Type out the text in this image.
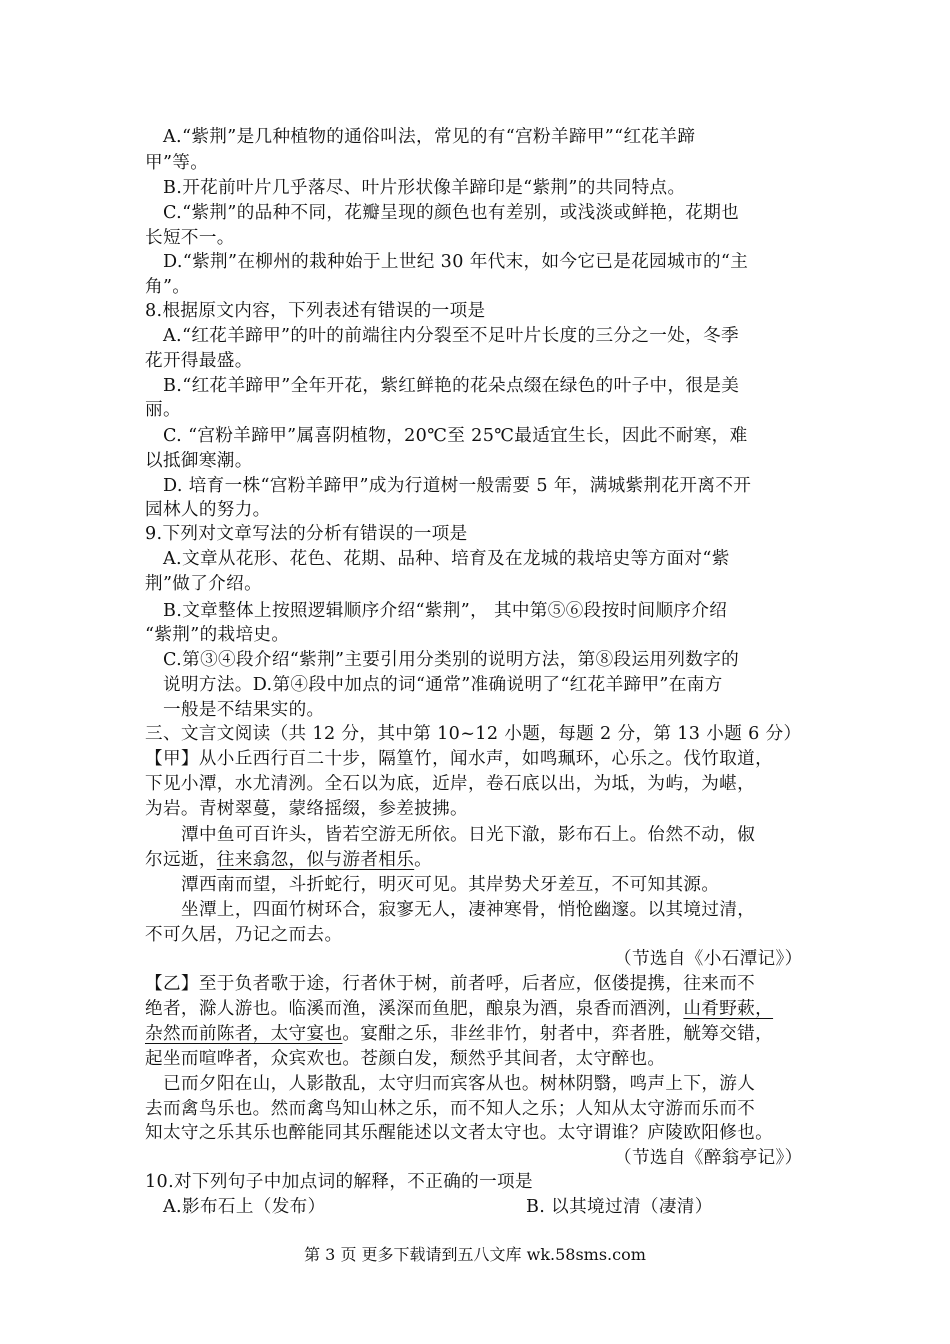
A.“紫荆”是几种植物的通俗叫法，常见的有“宫粉羊蹄甲”“红花羊蹄
甲”等。
B.开花前叶片几乎落尽、叶片形状像羊蹄印是“紫荆”的共同特点。
C.“紫荆”的品种不同，花瓣呈现的颜色也有差别，或浅淡或鲜艳，花期也
长短不一。
D.“紫荆”在柳州的栽种始于上世纪 30 年代末，如今它已是花园城市的“主
角”。
8.根据原文内容，下列表述有错误的一项是
A.“红花羊蹄甲”的叶的前端往内分裂至不足叶片长度的三分之一处，冬季
花开得最盛。
B.“红花羊蹄甲”全年开花，紫红鲜艳的花朵点缀在绿色的叶子中，很是美
丽。
C. “宫粉羊蹄甲”属喜阴植物，20℃至 25℃最适宜生长，因此不耐寒，难
以抵御寒潮。
D. 培育一株“宫粉羊蹄甲”成为行道树一般需要 5 年，满城紫荆花开离不开
园林人的努力。
9.下列对文章写法的分析有错误的一项是
A.文章从花形、花色、花期、品种、培育及在龙城的栽培史等方面对“紫
荆”做了介绍。
B.文章整体上按照逻辑顺序介绍“紫荆”， 其中第⑤⑥段按时间顺序介绍
“紫荆”的栽培史。
C.第③④段介绍“紫荆”主要引用分类别的说明方法，第⑧段运用列数字的
说明方法。D.第④段中加点的词“通常”准确说明了“红花羊蹄甲”在南方
一般是不结果实的。
三、文言文阅读（共 12 分，其中第 10~12 小题，每题 2 分，第 13 小题 6 分）
【甲】从小丘西行百二十步，隔篁竹，闻水声，如鸣珮环，心乐之。伐竹取道，
下见小潭，水尤清洌。全石以为底，近岸，卷石底以出，为坻，为屿，为嵁，
为岩。青树翠蔓，蒙络摇缀，参差披拂。
潭中鱼可百许头，皆若空游无所依。日光下澈，影布石上。佁然不动，俶
尔远逝，往来翕忽，似与游者相乐。
潭西南而望，斗折蛇行，明灭可见。其岸势犬牙差互，不可知其源。
坐潭上，四面竹树环合，寂寥无人，凄神寒骨，悄怆幽邃。以其境过清，
不可久居，乃记之而去。
（节选自《小石潭记》）
【乙】至于负者歌于途，行者休于树，前者呼，后者应，伛偻提携，往来而不
绝者，滁人游也。临溪而渔，溪深而鱼肥，酿泉为酒，泉香而酒洌，山肴野蔌，
杂然而前陈者，太守宴也。宴酣之乐，非丝非竹，射者中，弈者胜，觥筹交错，
起坐而喧哗者，众宾欢也。苍颜白发，颓然乎其间者，太守醉也。
已而夕阳在山，人影散乱，太守归而宾客从也。树林阴翳，鸣声上下，游人
去而禽鸟乐也。然而禽鸟知山林之乐，而不知人之乐；人知从太守游而乐而不
知太守之乐其乐也醉能同其乐醒能述以文者太守也。太守谓谁？庐陵欧阳修也。
（节选自《醉翁亭记》）
10.对下列句子中加点词的解释，不正确的一项是
A.影布石上（发布）	B. 以其境过清（凄清）
第 3 页 更多下载请到五八文库 wk.58sms.com
